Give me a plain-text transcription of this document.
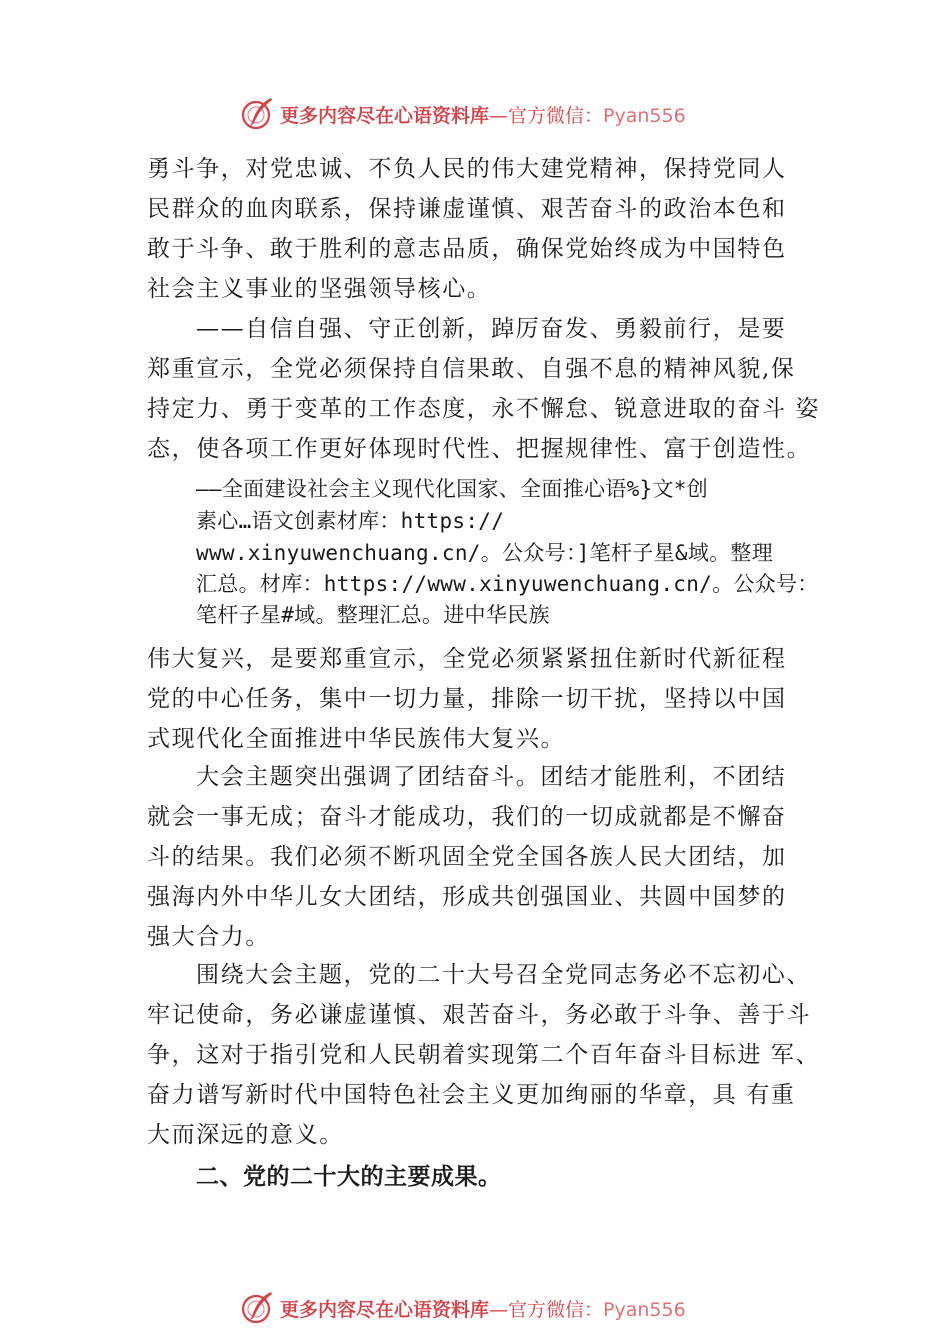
更多内容尽在心语资料库 —官方微信：Pyan556
勇斗争，对党忠诚、不负人民的伟大建党精神，保持党同人
民群众的血肉联系，保持谦虚谨慎、艰苦奋斗的政治本色和
敢于斗争、敢于胜利的意志品质，确保党始终成为中国特色
社会主义事业的坚强领导核心。
——自信自强、守正创新，踔厉奋发、勇毅前行，是要
郑重宣示，全党必须保持自信果敢、自强不息的精神风貌,保
持定力、勇于变革的工作态度，永不懈怠、锐意进取的奋斗 姿
态，使各项工作更好体现时代性、把握规律性、富于创造性。
——全面建设社会主义现代化国家、全面推心语%}文*创
素心…语文创素材库：https://
www.xinyuwenchuang.cn/。公众号：]笔杆子星&域。整理
汇总。材库：https://www.xinyuwenchuang.cn/。公众号：
笔杆子星#域。整理汇总。进中华民族
伟大复兴，是要郑重宣示，全党必须紧紧扭住新时代新征程
党的中心任务，集中一切力量，排除一切干扰，坚持以中国
式现代化全面推进中华民族伟大复兴。
大会主题突出强调了团结奋斗。团结才能胜利，不团结
就会一事无成；奋斗才能成功，我们的一切成就都是不懈奋
斗的结果。我们必须不断巩固全党全国各族人民大团结，加
强海内外中华儿女大团结，形成共创强国业、共圆中国梦的
强大合力。
围绕大会主题，党的二十大号召全党同志务必不忘初心、
牢记使命，务必谦虚谨慎、艰苦奋斗，务必敢于斗争、善于斗
争，这对于指引党和人民朝着实现第二个百年奋斗目标进 军、
奋力谱写新时代中国特色社会主义更加绚丽的华章，具 有重
大而深远的意义。
二、党的二十大的主要成果。
更多内容尽在心语资料库 —官方微信：Pyan556
